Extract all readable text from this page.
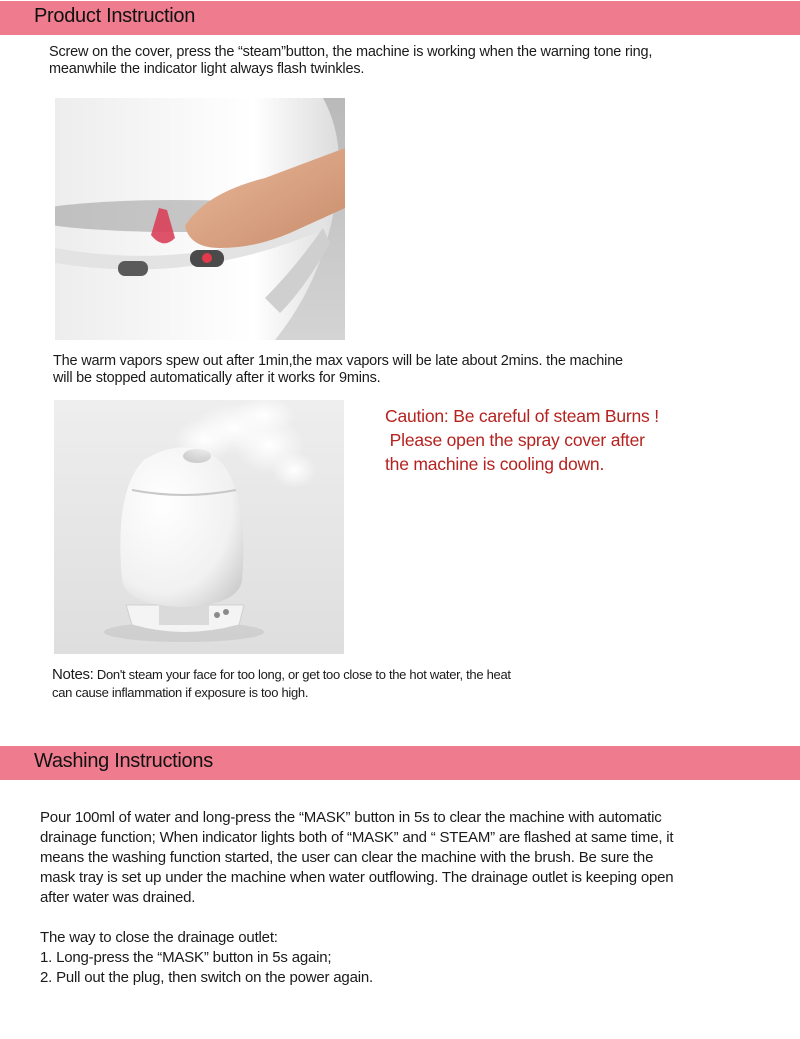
Product Instruction
Screw on the cover, press the “steam”button, the machine is working when the warning tone ring,
meanwhile the indicator light always flash twinkles.
The warm vapors spew out after 1min,the max vapors will be late about 2mins. the machine
will be stopped automatically after it works for 9mins.
Caution: Be careful of steam Burns !
Please open the spray cover after
the machine is cooling down.
Notes: Don't steam your face for too long, or get too close to the hot water, the heat
can cause inflammation if exposure is too high.
Washing Instructions

Pour 100ml of water and long-press the “MASK” button in 5s to clear the machine with automatic

drainage function; When indicator lights both of “MASK” and “ STEAM” are flashed at same time, it

means the washing function started, the user can clear the machine with the brush. Be sure the

mask tray is set up under the machine when water outflowing. The drainage outlet is keeping open

after water was drained.

The way to close the drainage outlet:

1. Long-press the “MASK” button in 5s again;

2. Pull out the plug, then switch on the power again.
